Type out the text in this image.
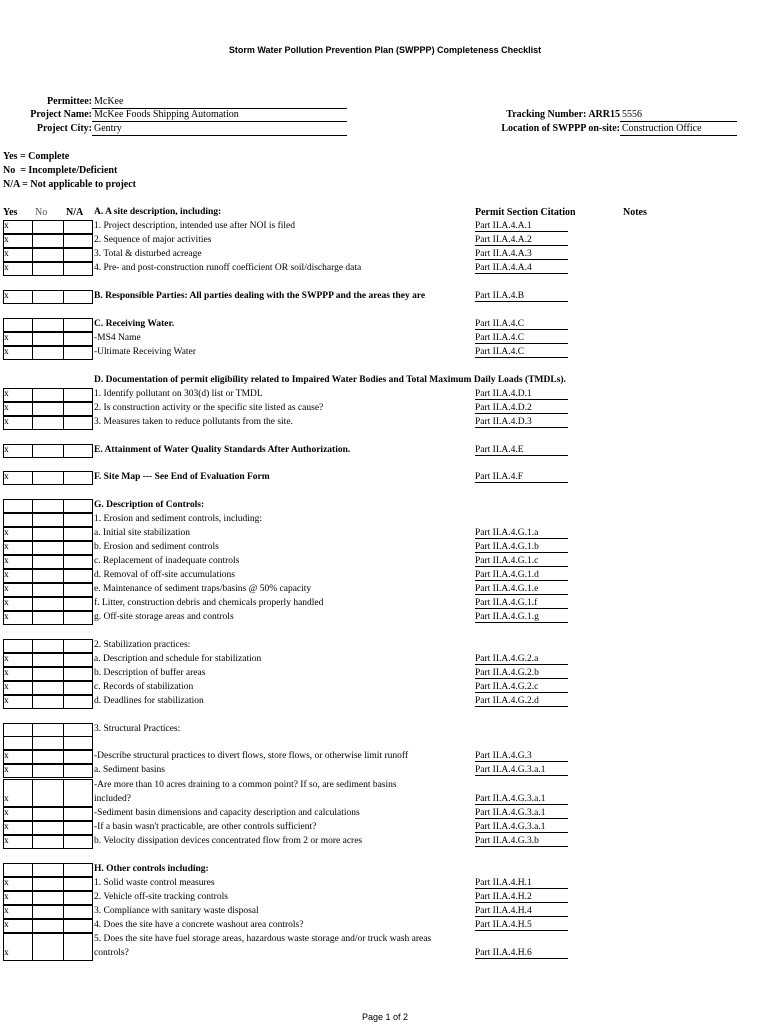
Storm Water Pollution Prevention Plan (SWPPP) Completeness Checklist
Permittee: McKee
Project Name: McKee Foods Shipping Automation
Project City: Gentry
Tracking Number: ARR15 5556
Location of SWPPP on-site: Construction Office
Yes = Complete
No  = Incomplete/Deficient
N/A = Not applicable to project
Yes No N/A	Permit Section Citation	Notes
A. A site description, including:
x	1. Project description, intended use after NOI is filed	Part II.A.4.A.1
x	2. Sequence of major activities	Part II.A.4.A.2
x	3. Total & disturbed acreage	Part II.A.4.A.3
x	4. Pre- and post-construction runoff coefficient OR soil/discharge data	Part II.A.4.A.4
x	B. Responsible Parties: All parties dealing with the SWPPP and the areas they are	Part II.A.4.B
C. Receiving Water.	Part II.A.4.C
x	-MS4 Name	Part II.A.4.C
x	-Ultimate Receiving Water	Part II.A.4.C
D. Documentation of permit eligibility related to Impaired Water Bodies and Total Maximum Daily Loads (TMDLs).
x	1. Identify pollutant on 303(d) list or TMDL	Part II.A.4.D.1
x	2. Is construction activity or the specific site listed as cause?	Part II.A.4.D.2
x	3. Measures taken to reduce pollutants from the site.	Part II.A.4.D.3
x	E. Attainment of Water Quality Standards After Authorization.	Part II.A.4.E
x	F. Site Map --- See End of Evaluation Form	Part II.A.4.F
G. Description of Controls:
1. Erosion and sediment controls, including:
x	a. Initial site stabilization	Part II.A.4.G.1.a
x	b. Erosion and sediment controls	Part II.A.4.G.1.b
x	c. Replacement of inadequate controls	Part II.A.4.G.1.c
x	d. Removal of off-site accumulations	Part II.A.4.G.1.d
x	e. Maintenance of sediment traps/basins @ 50% capacity	Part II.A.4.G.1.e
x	f. Litter, construction debris and chemicals properly handled	Part II.A.4.G.1.f
x	g. Off-site storage areas and controls	Part II.A.4.G.1.g
2. Stabilization practices:
x	a. Description and schedule for stabilization	Part II.A.4.G.2.a
x	b. Description of buffer areas	Part II.A.4.G.2.b
x	c. Records of stabilization	Part II.A.4.G.2.c
x	d. Deadlines for stabilization	Part II.A.4.G.2.d
3. Structural Practices:
x	-Describe structural practices to divert flows, store flows, or otherwise limit runoff	Part II.A.4.G.3
x	a. Sediment basins	Part II.A.4.G.3.a.1
x
-Are more than 10 acres draining to a common point? If so, are sediment basins
included?	Part II.A.4.G.3.a.1
x	-Sediment basin dimensions and capacity description and calculations	Part II.A.4.G.3.a.1
x	-If a basin wasn't practicable, are other controls sufficient?	Part II.A.4.G.3.a.1
x	b. Velocity dissipation devices concentrated flow from 2 or more acres	Part II.A.4.G.3.b
H. Other controls including:
x	1. Solid waste control measures	Part II.A.4.H.1
x	2. Vehicle off-site tracking controls	Part II.A.4.H.2
x	3. Compliance with sanitary waste disposal	Part II.A.4.H.4
x	4. Does the site have a concrete washout area controls?	Part II.A.4.H.5
x
5. Does the site have fuel storage areas, hazardous waste storage and/or truck wash areas
controls?	Part II.A.4.H.6
Page 1 of 2
